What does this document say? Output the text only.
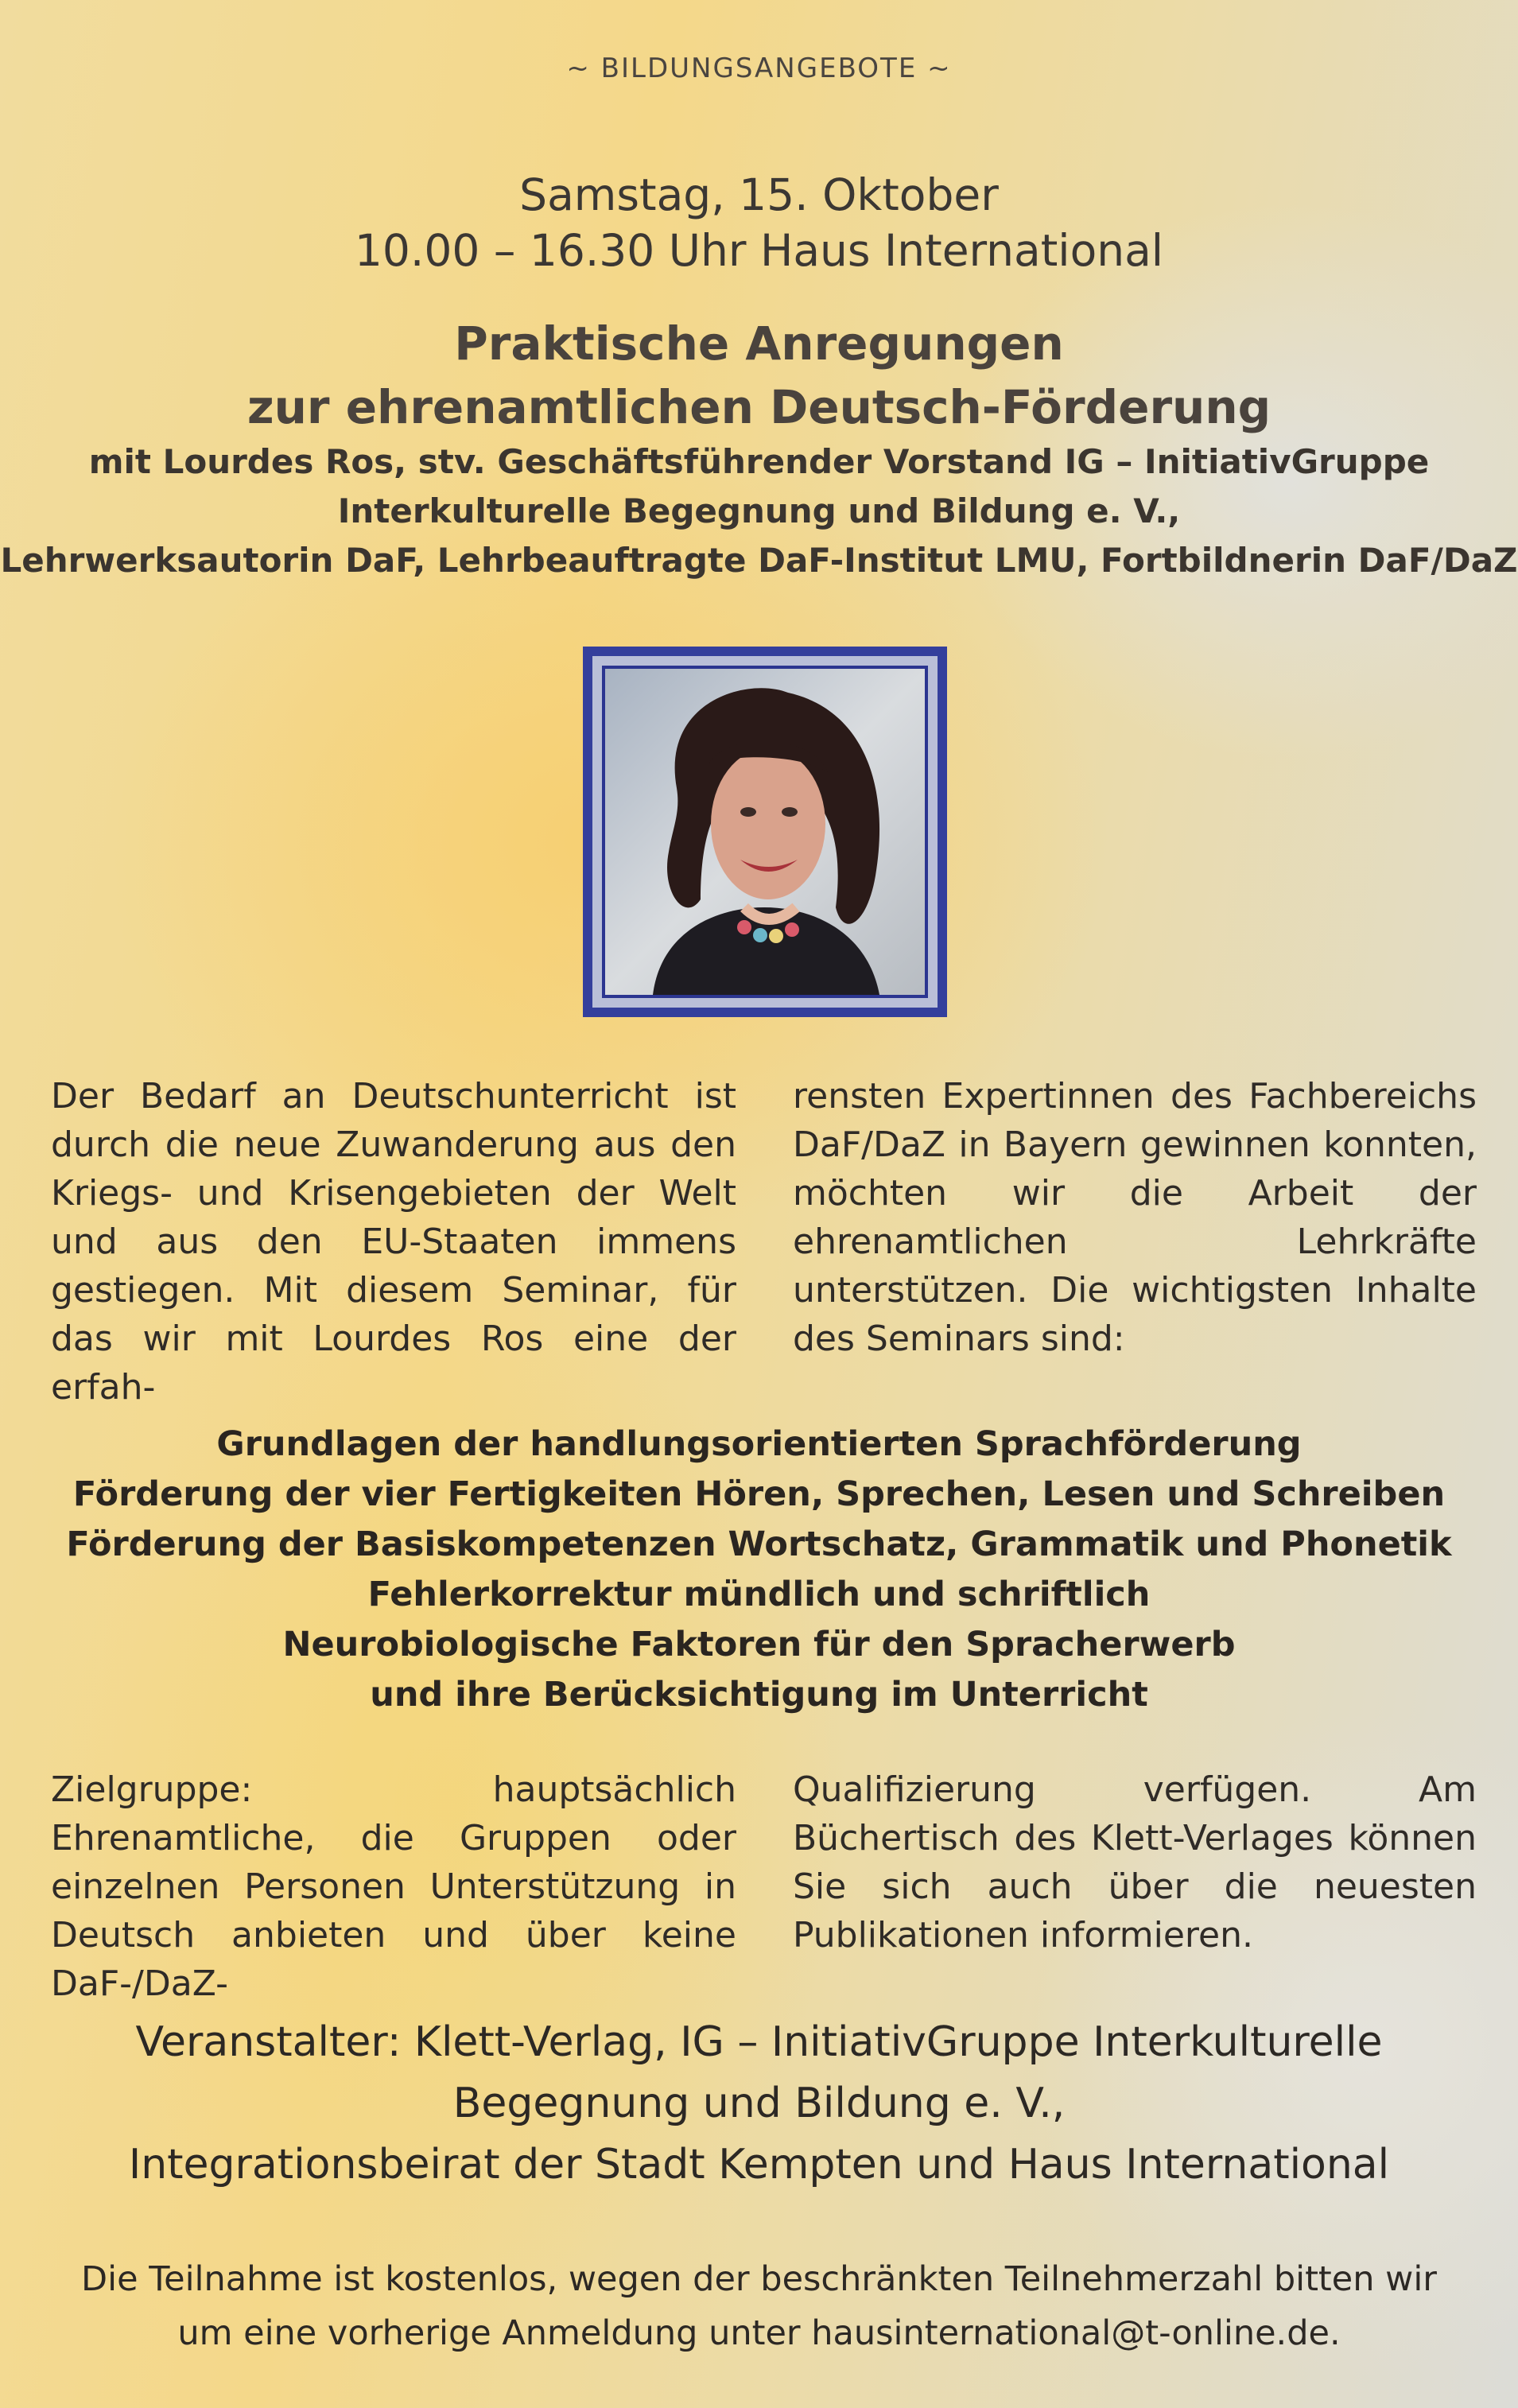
~ BILDUNGSANGEBOTE ~
Samstag, 15. Oktober
10.00 – 16.30 Uhr Haus International
Praktische Anregungen
zur ehrenamtlichen Deutsch-Förderung
mit Lourdes Ros, stv. Geschäftsführender Vorstand IG – InitiativGruppe
Interkulturelle Begegnung und Bildung e. V.,
Lehrwerksautorin DaF, Lehrbeauftragte DaF-Institut LMU, Fortbildnerin DaF/DaZ
Der Bedarf an Deutschunterricht ist durch die neue Zuwanderung aus den Kriegs- und Krisengebieten der Welt und aus den EU-Staaten immens gestiegen. Mit diesem Seminar, für das wir mit Lourdes Ros eine der erfah-
rensten Expertinnen des Fachbereichs DaF/DaZ in Bayern gewinnen konnten, möchten wir die Arbeit der ehrenamtlichen Lehrkräfte unterstützen. Die wichtigsten Inhalte des Seminars sind:
Grundlagen der handlungsorientierten Sprachförderung
Förderung der vier Fertigkeiten Hören, Sprechen, Lesen und Schreiben
Förderung der Basiskompetenzen Wortschatz, Grammatik und Phonetik
Fehlerkorrektur mündlich und schriftlich
Neurobiologische Faktoren für den Spracherwerb
und ihre Berücksichtigung im Unterricht
Zielgruppe: hauptsächlich Ehrenamtliche, die Gruppen oder einzelnen Personen Unterstützung in Deutsch anbieten und über keine DaF-/DaZ-
Qualifizierung verfügen. Am Büchertisch des Klett-Verlages können Sie sich auch über die neuesten Publikationen informieren.
Veranstalter: Klett-Verlag, IG – InitiativGruppe Interkulturelle
Begegnung und Bildung e. V.,
Integrationsbeirat der Stadt Kempten und Haus International
Die Teilnahme ist kostenlos, wegen der beschränkten Teilnehmerzahl bitten wir
um eine vorherige Anmeldung unter hausinternational@t-online.de.
